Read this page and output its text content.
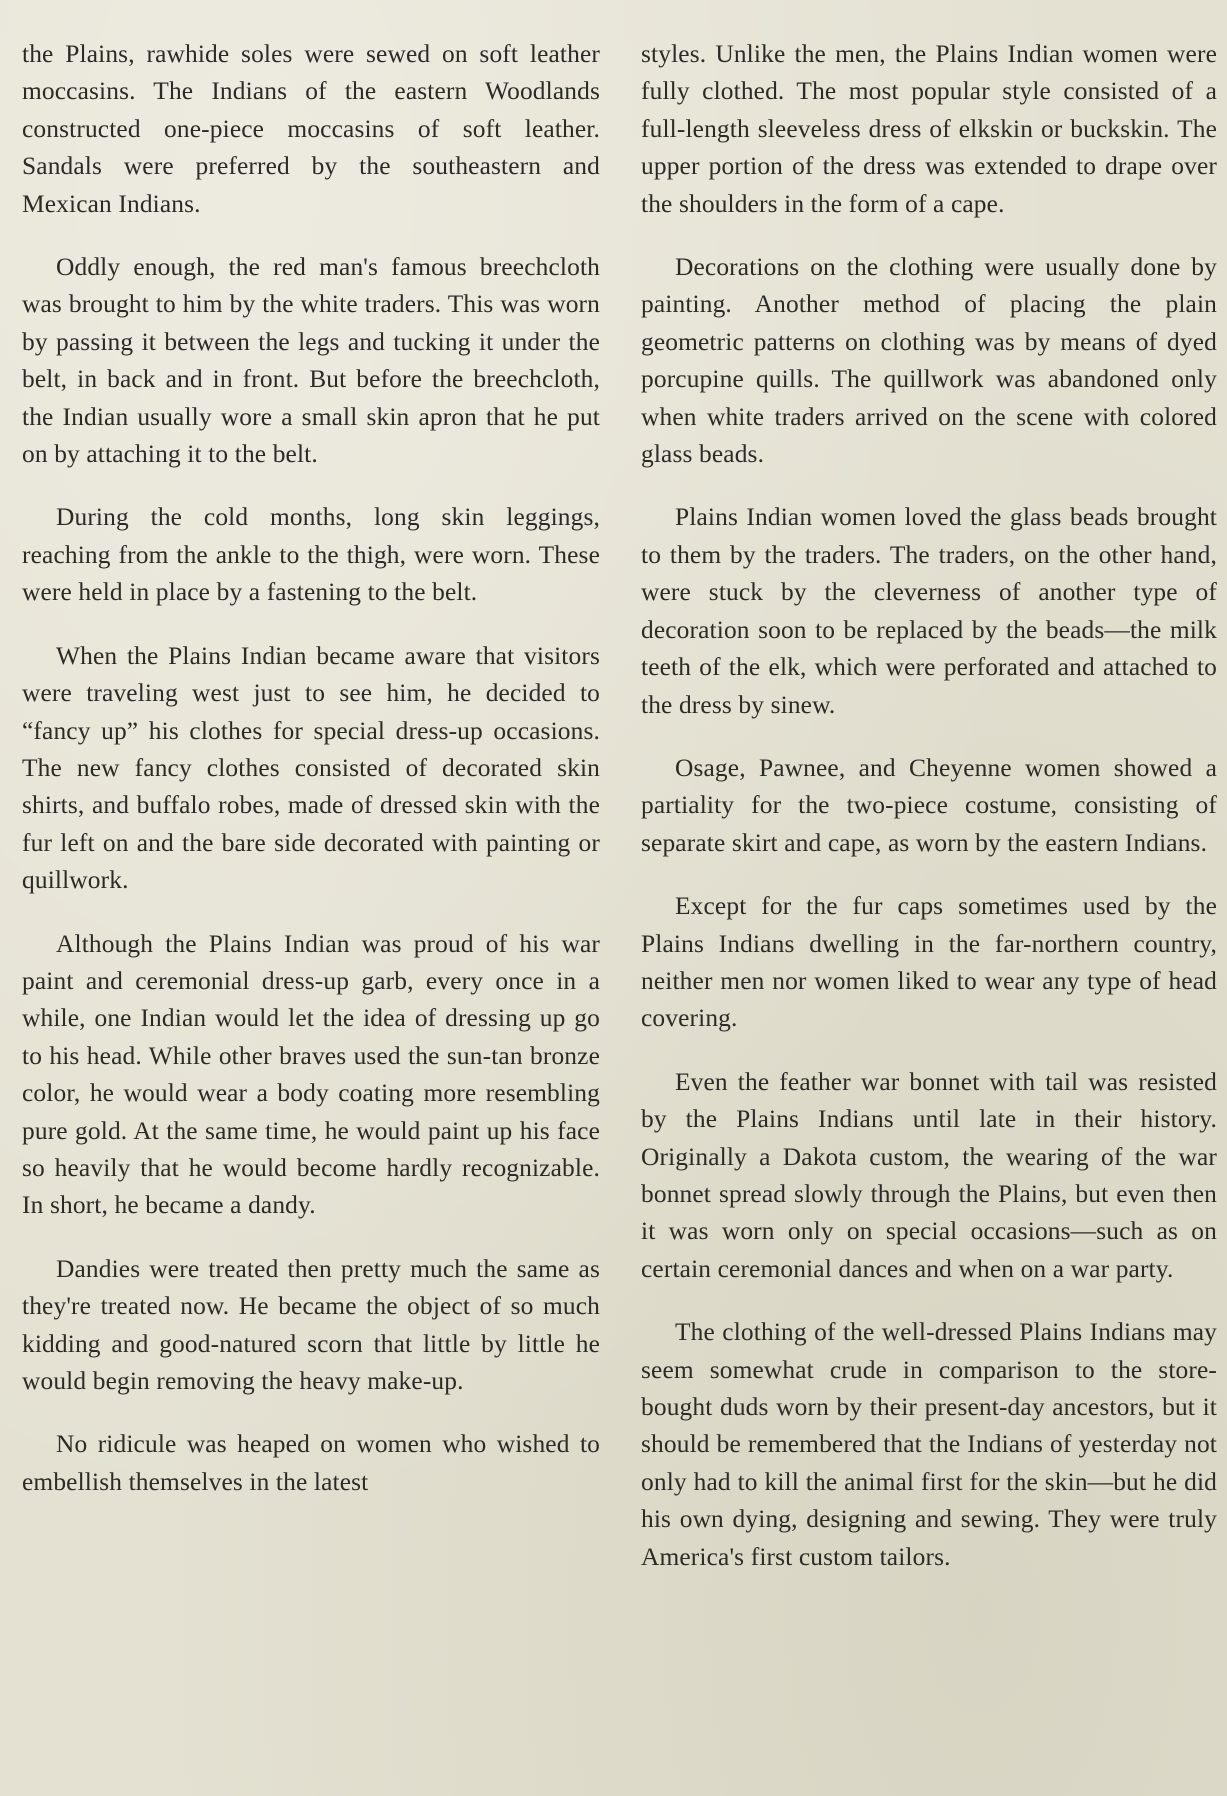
the Plains, rawhide soles were sewed on soft leather moccasins. The Indians of the eastern Woodlands constructed one-piece moccasins of soft leather. Sandals were preferred by the southeastern and Mexican Indians.

Oddly enough, the red man's famous breechcloth was brought to him by the white traders. This was worn by passing it between the legs and tucking it under the belt, in back and in front. But before the breechcloth, the Indian usually wore a small skin apron that he put on by attaching it to the belt.

During the cold months, long skin leggings, reaching from the ankle to the thigh, were worn. These were held in place by a fastening to the belt.

When the Plains Indian became aware that visitors were traveling west just to see him, he decided to “fancy up” his clothes for special dress-up occasions. The new fancy clothes consisted of decorated skin shirts, and buffalo robes, made of dressed skin with the fur left on and the bare side decorated with painting or quillwork.

Although the Plains Indian was proud of his war paint and ceremonial dress-up garb, every once in a while, one Indian would let the idea of dressing up go to his head. While other braves used the sun-tan bronze color, he would wear a body coating more resembling pure gold. At the same time, he would paint up his face so heavily that he would become hardly recognizable. In short, he became a dandy.

Dandies were treated then pretty much the same as they're treated now. He became the object of so much kidding and good-natured scorn that little by little he would begin removing the heavy make-up.

No ridicule was heaped on women who wished to embellish themselves in the latest

styles. Unlike the men, the Plains Indian women were fully clothed. The most popular style consisted of a full-length sleeveless dress of elkskin or buckskin. The upper portion of the dress was extended to drape over the shoulders in the form of a cape.

Decorations on the clothing were usually done by painting. Another method of placing the plain geometric patterns on clothing was by means of dyed porcupine quills. The quillwork was abandoned only when white traders arrived on the scene with colored glass beads.

Plains Indian women loved the glass beads brought to them by the traders. The traders, on the other hand, were stuck by the cleverness of another type of decoration soon to be replaced by the beads—the milk teeth of the elk, which were perforated and attached to the dress by sinew.

Osage, Pawnee, and Cheyenne women showed a partiality for the two-piece costume, consisting of separate skirt and cape, as worn by the eastern Indians.

Except for the fur caps sometimes used by the Plains Indians dwelling in the far-northern country, neither men nor women liked to wear any type of head covering.

Even the feather war bonnet with tail was resisted by the Plains Indians until late in their history. Originally a Dakota custom, the wearing of the war bonnet spread slowly through the Plains, but even then it was worn only on special occasions—such as on certain ceremonial dances and when on a war party.

The clothing of the well-dressed Plains Indians may seem somewhat crude in comparison to the store-bought duds worn by their present-day ancestors, but it should be remembered that the Indians of yesterday not only had to kill the animal first for the skin—but he did his own dying, designing and sewing. They were truly America's first custom tailors.
